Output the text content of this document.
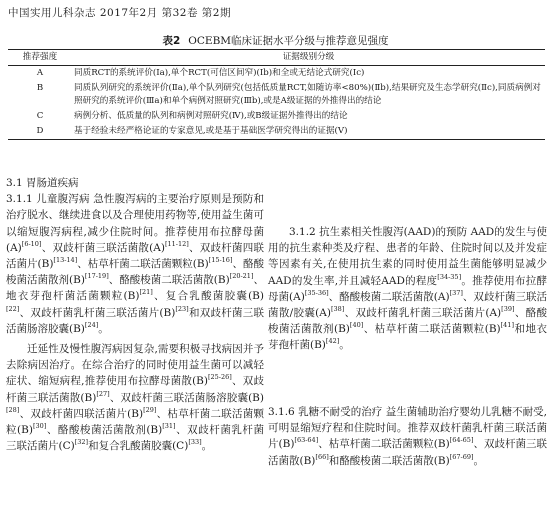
中国实用儿科杂志 2017年2月 第32卷 第2期
表2 OCEBM临床证据水平分级与推荐意见强度
推荐强度	证据级别分级
A	同质RCT的系统评价(Ⅰa),单个RCT(可信区间窄)(Ⅰb)和全或无结论式研究(Ⅰc)
B	同质队列研究的系统评价(Ⅱa),单个队列研究(包括低质量RCT,如随访率<80%)(Ⅱb),结果研究及生态学研究(Ⅱc),同质病例对照研究的系统评价(Ⅲa)和单个病例对照研究(Ⅲb),或是A级证据的外推得出的结论
C	病例分析、低质量的队列和病例对照研究(Ⅳ),或B级证据外推得出的结论
D	基于经验未经严格论证的专家意见,或是基于基础医学研究得出的证据(Ⅴ)

3.1 胃肠道疾病

3.1.1 儿童腹泻病 急性腹泻病的主要治疗原则是预防和治疗脱水、继续进食以及合理使用药物等,使用益生菌可以缩短腹泻病程,减少住院时间。推荐使用布拉酵母菌(A)[6-10]、双歧杆菌三联活菌散(A)[11-12]、双歧杆菌四联活菌片(B)[13-14]、枯草杆菌二联活菌颗粒(B)[15-16]、酪酸梭菌活菌散剂(B)[17-19]、酪酸梭菌二联活菌散(B)[20-21]、地衣芽孢杆菌活菌颗粒(B)[21]、复合乳酸菌胶囊(B)[22]、双歧杆菌乳杆菌三联活菌片(B)[23]和双歧杆菌三联活菌肠溶胶囊(B)[24]。

迁延性及慢性腹泻病因复杂,需要积极寻找病因并予去除病因治疗。在综合治疗的同时使用益生菌可以减轻症状、缩短病程,推荐使用布拉酵母菌散(B)[25-26]、双歧杆菌三联活菌散(B)[27]、双歧杆菌三联活菌肠溶胶囊(B)[28]、双歧杆菌四联活菌片(B)[29]、枯草杆菌二联活菌颗粒(B)[30]、酪酸梭菌活菌散剂(B)[31]、双歧杆菌乳杆菌三联活菌片(C)[32]和复合乳酸菌胶囊(C)[33]。

3.1.2 抗生素相关性腹泻(AAD)的预防 AAD的发生与使用的抗生素种类及疗程、患者的年龄、住院时间以及并发症等因素有关,在使用抗生素的同时使用益生菌能够明显减少AAD的发生率,并且减轻AAD的程度[34-35]。推荐使用布拉酵母菌(A)[35-36]、酪酸梭菌二联活菌散(A)[37]、双歧杆菌三联活菌散/胶囊(A)[38]、双歧杆菌乳杆菌三联活菌片(A)[39]、酪酸梭菌活菌散剂(B)[40]、枯草杆菌二联活菌颗粒(B)[41]和地衣芽孢杆菌(B)[42]。

3.1.6 乳糖不耐受的治疗 益生菌辅助治疗婴幼儿乳糖不耐受,可明显缩短疗程和住院时间。推荐双歧杆菌乳杆菌三联活菌片(B)[63-64]、枯草杆菌二联活菌颗粒(B)[64-65]、双歧杆菌三联活菌散(B)[66]和酪酸梭菌二联活菌散(B)[67-69]。
